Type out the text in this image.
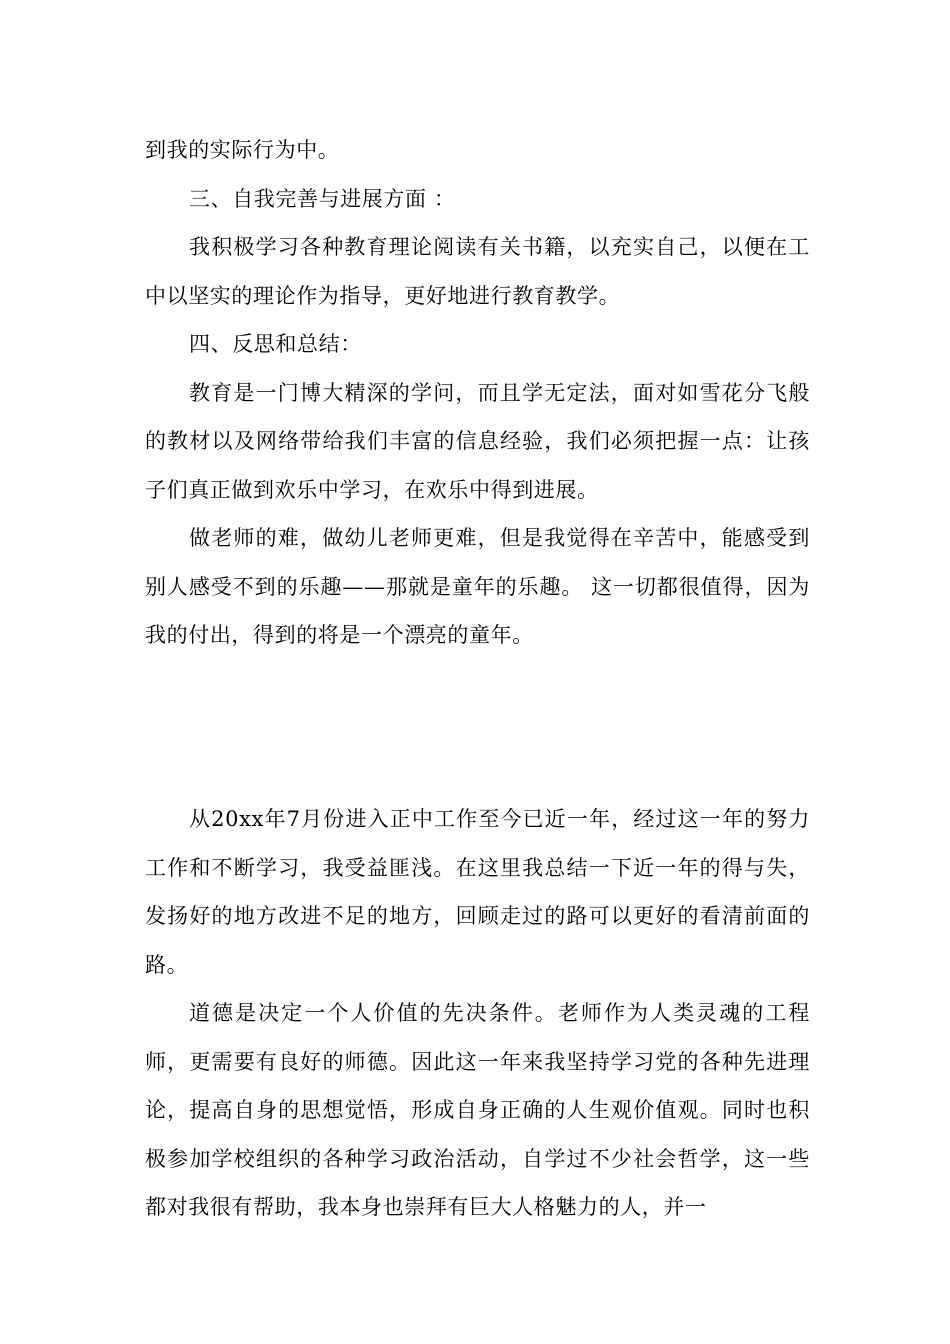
到我的实际行为中。

三、自我完善与进展方面 ：

我积极学习各种教育理论阅读有关书籍，以充实自己，以便在工中以坚实的理论作为指导，更好地进行教育教学。

四、反思和总结：

教育是一门博大精深的学问，而且学无定法，面对如雪花分飞般的教材以及网络带给我们丰富的信息经验，我们必须把握一点：让孩子们真正做到欢乐中学习，在欢乐中得到进展。

做老师的难，做幼儿老师更难，但是我觉得在辛苦中，能感受到别人感受不到的乐趣——那就是童年的乐趣。 这一切都很值得，因为我的付出，得到的将是一个漂亮的童年。

从20xx年7月份进入正中工作至今已近一年，经过这一年的努力工作和不断学习，我受益匪浅。在这里我总结一下近一年的得与失，发扬好的地方改进不足的地方，回顾走过的路可以更好的看清前面的路。

道德是决定一个人价值的先决条件。老师作为人类灵魂的工程师，更需要有良好的师德。因此这一年来我坚持学习党的各种先进理论，提高自身的思想觉悟，形成自身正确的人生观价值观。同时也积极参加学校组织的各种学习政治活动，自学过不少社会哲学，这一些都对我很有帮助，我本身也崇拜有巨大人格魅力的人，并一
